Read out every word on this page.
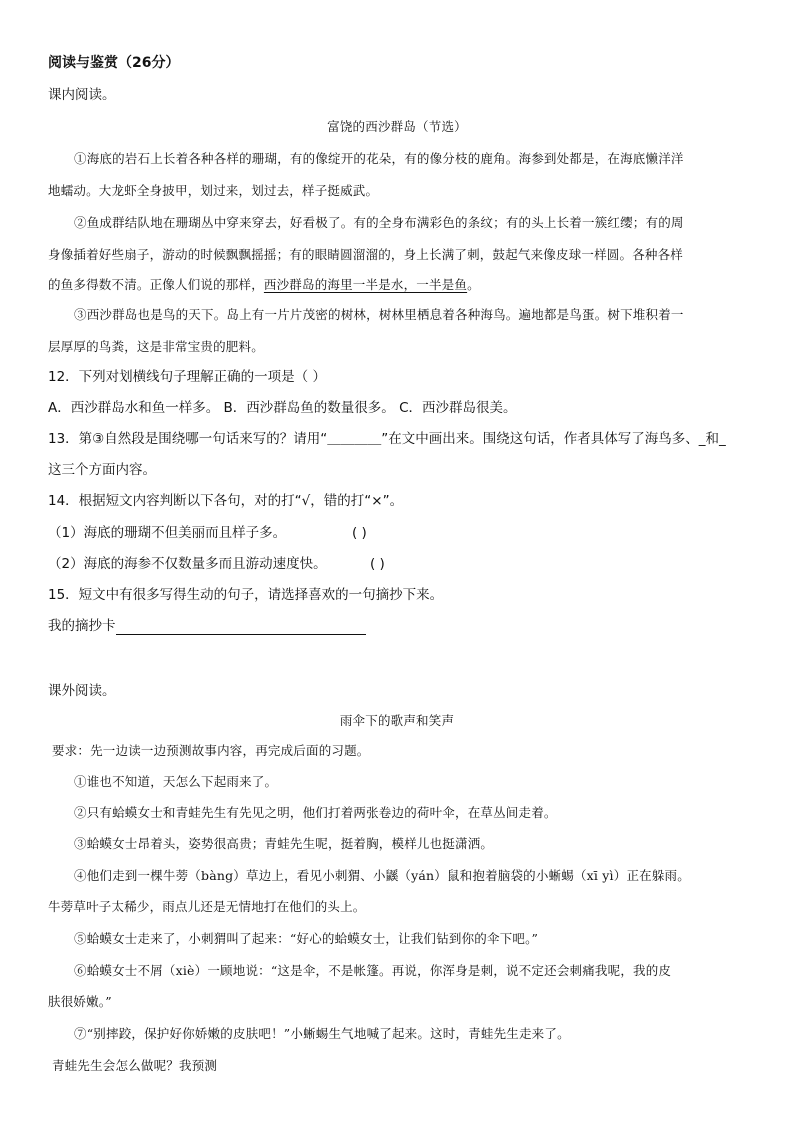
阅读与鉴赏（26分）
课内阅读。
富饶的西沙群岛（节选）
①海底的岩石上长着各种各样的珊瑚，有的像绽开的花朵，有的像分枝的鹿角。海参到处都是，在海底懒洋洋
地蠕动。大龙虾全身披甲，划过来，划过去，样子挺威武。
②鱼成群结队地在珊瑚丛中穿来穿去，好看极了。有的全身布满彩色的条纹；有的头上长着一簇红缨；有的周
身像插着好些扇子，游动的时候飘飘摇摇；有的眼睛圆溜溜的，身上长满了刺，鼓起气来像皮球一样圆。各种各样
的鱼多得数不清。正像人们说的那样，西沙群岛的海里一半是水，一半是鱼。
③西沙群岛也是鸟的天下。岛上有一片片茂密的树林，树林里栖息着各种海鸟。遍地都是鸟蛋。树下堆积着一
层厚厚的鸟粪，这是非常宝贵的肥料。
12．下列对划横线句子理解正确的一项是（ ）
A．西沙群岛水和鱼一样多。 B．西沙群岛鱼的数量很多。 C．西沙群岛很美。
13．第③自然段是围绕哪一句话来写的？请用“＿＿＿＿”在文中画出来。围绕这句话，作者具体写了海鸟多、_和_
这三个方面内容。
14．根据短文内容判断以下各句，对的打“√，错的打“×”。
（1）海底的珊瑚不但美丽而且样子多。	( )
（2）海底的海参不仅数量多而且游动速度快。	( )
15．短文中有很多写得生动的句子，请选择喜欢的一句摘抄下来。
我的摘抄卡
课外阅读。
雨伞下的歌声和笑声
要求：先一边读一边预测故事内容，再完成后面的习题。
①谁也不知道，天怎么下起雨来了。
②只有蛤蟆女士和青蛙先生有先见之明，他们打着两张卷边的荷叶伞，在草丛间走着。
③蛤蟆女士昂着头，姿势很高贵；青蛙先生呢，挺着胸，模样儿也挺潇洒。
④他们走到一棵牛蒡（bàng）草边上，看见小刺猬、小鼷（yán）鼠和抱着脑袋的小蜥蜴（xī yì）正在躲雨。
牛蒡草叶子太稀少，雨点儿还是无情地打在他们的头上。
⑤蛤蟆女士走来了，小刺猬叫了起来：“好心的蛤蟆女士，让我们钻到你的伞下吧。”
⑥蛤蟆女士不屑（xiè）一顾地说：“这是伞，不是帐篷。再说，你浑身是刺，说不定还会刺痛我呢，我的皮
肤很娇嫩。”
⑦“别摔跤，保护好你娇嫩的皮肤吧！”小蜥蜴生气地喊了起来。这时，青蛙先生走来了。
青蛙先生会怎么做呢？我预测
